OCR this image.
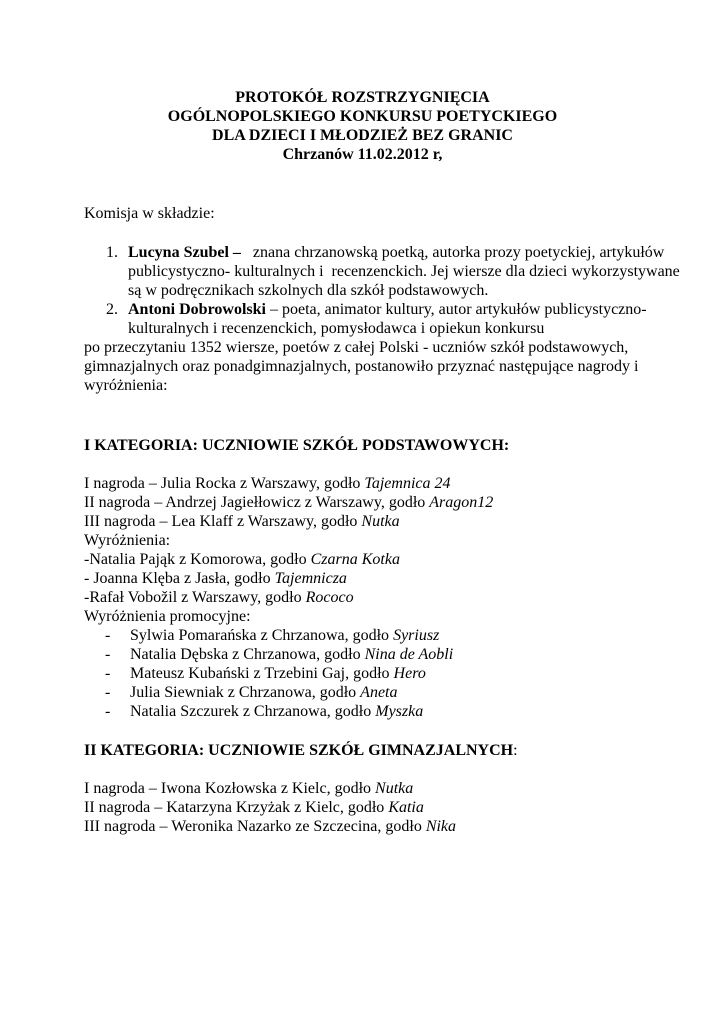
PROTOKÓŁ ROZSTRZYGNIĘCIA
OGÓLNOPOLSKIEGO KONKURSU POETYCKIEGO
DLA DZIECI I MŁODZIEŻ BEZ GRANIC
Chrzanów 11.02.2012 r,
Komisja w składzie:
1. Lucyna Szubel –   znana chrzanowską poetką, autorka prozy poetyckiej, artykułów publicystyczno- kulturalnych i  recenzenckich. Jej wiersze dla dzieci wykorzystywane są w podręcznikach szkolnych dla szkół podstawowych.
2. Antoni Dobrowolski – poeta, animator kultury, autor artykułów publicystyczno- kulturalnych i recenzenckich, pomysłodawca i opiekun konkursu

po przeczytaniu 1352 wiersze, poetów z całej Polski - uczniów szkół podstawowych, gimnazjalnych oraz ponadgimnazjalnych, postanowiło przyznać następujące nagrody i wyróżnienia:

I KATEGORIA: UCZNIOWIE SZKÓŁ PODSTAWOWYCH:
I nagroda – Julia Rocka z Warszawy, godło Tajemnica 24
II nagroda – Andrzej Jagiełłowicz z Warszawy, godło Aragon12
III nagroda – Lea Klaff z Warszawy, godło Nutka
Wyróżnienia:
-Natalia Pająk z Komorowa, godło Czarna Kotka
- Joanna Klęba z Jasła, godło Tajemnicza
-Rafał Vobožil z Warszawy, godło Rococo
Wyróżnienia promocyjne:
- Sylwia Pomarańska z Chrzanowa, godło Syriusz
- Natalia Dębska z Chrzanowa, godło Nina de Aobli
- Mateusz Kubański z Trzebini Gaj, godło Hero
- Julia Siewniak z Chrzanowa, godło Aneta
- Natalia Szczurek z Chrzanowa, godło Myszka
II KATEGORIA: UCZNIOWIE SZKÓŁ GIMNAZJALNYCH:
I nagroda – Iwona Kozłowska z Kielc, godło Nutka
II nagroda – Katarzyna Krzyżak z Kielc, godło Katia
III nagroda – Weronika Nazarko ze Szczecina, godło Nika
